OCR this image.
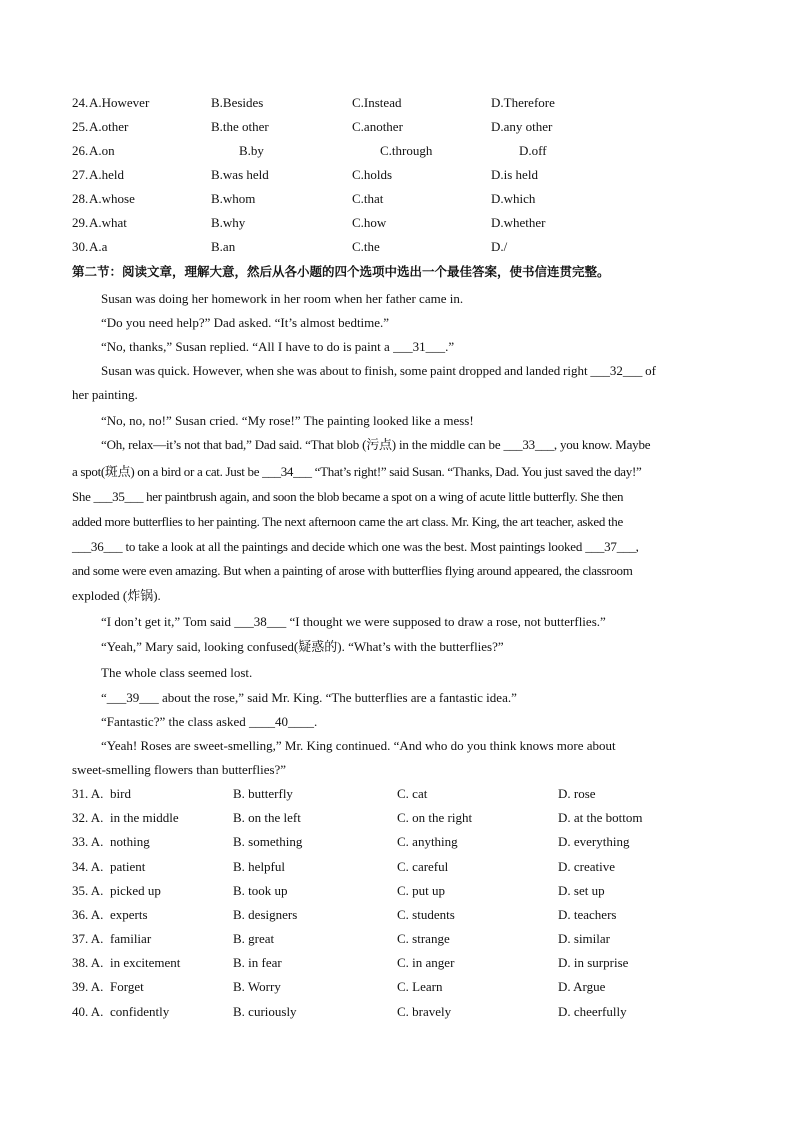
24. A.However	B.Besides	C.Instead	D.Therefore
25. A.other	B.the other	C.another	D.any other
26. A.on	B.by	C.through	D.off
27. A.held	B.was held	C.holds	D.is held
28. A.whose	B.whom	C.that	D.which
29. A.what	B.why	C.how	D.whether
30. A.a	B.an	C.the	D./
第二节：阅读文章，理解大意，然后从各小题的四个选项中选出一个最佳答案，使书信连贯完整。
Susan was doing her homework in her room when her father came in.
“Do you need help?” Dad asked. “It’s almost bedtime.”
“No, thanks,” Susan replied. “All I have to do is paint a ___31___.”
Susan was quick. However, when she was about to finish, some paint dropped and landed right ___32___ of
her painting.
“No, no, no!” Susan cried. “My rose!” The painting looked like a mess!
“Oh, relax—it’s not that bad,” Dad said. “That blob (污点) in the middle can be ___33___, you know. Maybe
a spot(斑点) on a bird or a cat. Just be ___34___ “That’s right!” said Susan. “Thanks, Dad. You just saved the day!”
She ___35___ her paintbrush again, and soon the blob became a spot on a wing of acute little butterfly. She then
added more butterflies to her painting. The next afternoon came the art class. Mr. King, the art teacher, asked the
___36___ to take a look at all the paintings and decide which one was the best. Most paintings looked ___37___,
and some were even amazing. But when a painting of arose with butterflies flying around appeared, the classroom
exploded (炸锅).
“I don’t get it,” Tom said ___38___ “I thought we were supposed to draw a rose, not butterflies.”
“Yeah,” Mary said, looking confused(疑惑的). “What’s with the butterflies?”
The whole class seemed lost.
“___39___ about the rose,” said Mr. King. “The butterflies are a fantastic idea.”
“Fantastic?” the class asked ____40____.
“Yeah! Roses are sweet-smelling,” Mr. King continued. “And who do you think knows more about
sweet-smelling flowers than butterflies?”
31. A. bird	B. butterfly	C. cat	D. rose
32. A. in the middle	B. on the left	C. on the right	D. at the bottom
33. A. nothing	B. something	C. anything	D. everything
34. A. patient	B. helpful	C. careful	D. creative
35. A. picked up	B. took up	C. put up	D. set up
36. A. experts	B. designers	C. students	D. teachers
37. A. familiar	B. great	C. strange	D. similar
38. A. in excitement	B. in fear	C. in anger	D. in surprise
39. A. Forget	B. Worry	C. Learn	D. Argue
40. A. confidently	B. curiously	C. bravely	D. cheerfully
